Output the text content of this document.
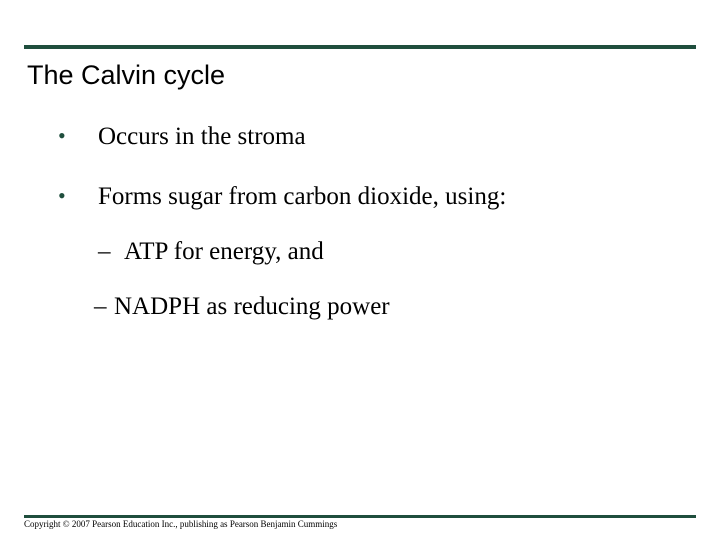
The Calvin cycle
• Occurs in the stroma
• Forms sugar from carbon dioxide, using:
– ATP for energy, and
– NADPH as reducing power
Copyright © 2007 Pearson Education Inc., publishing as Pearson Benjamin Cummings
